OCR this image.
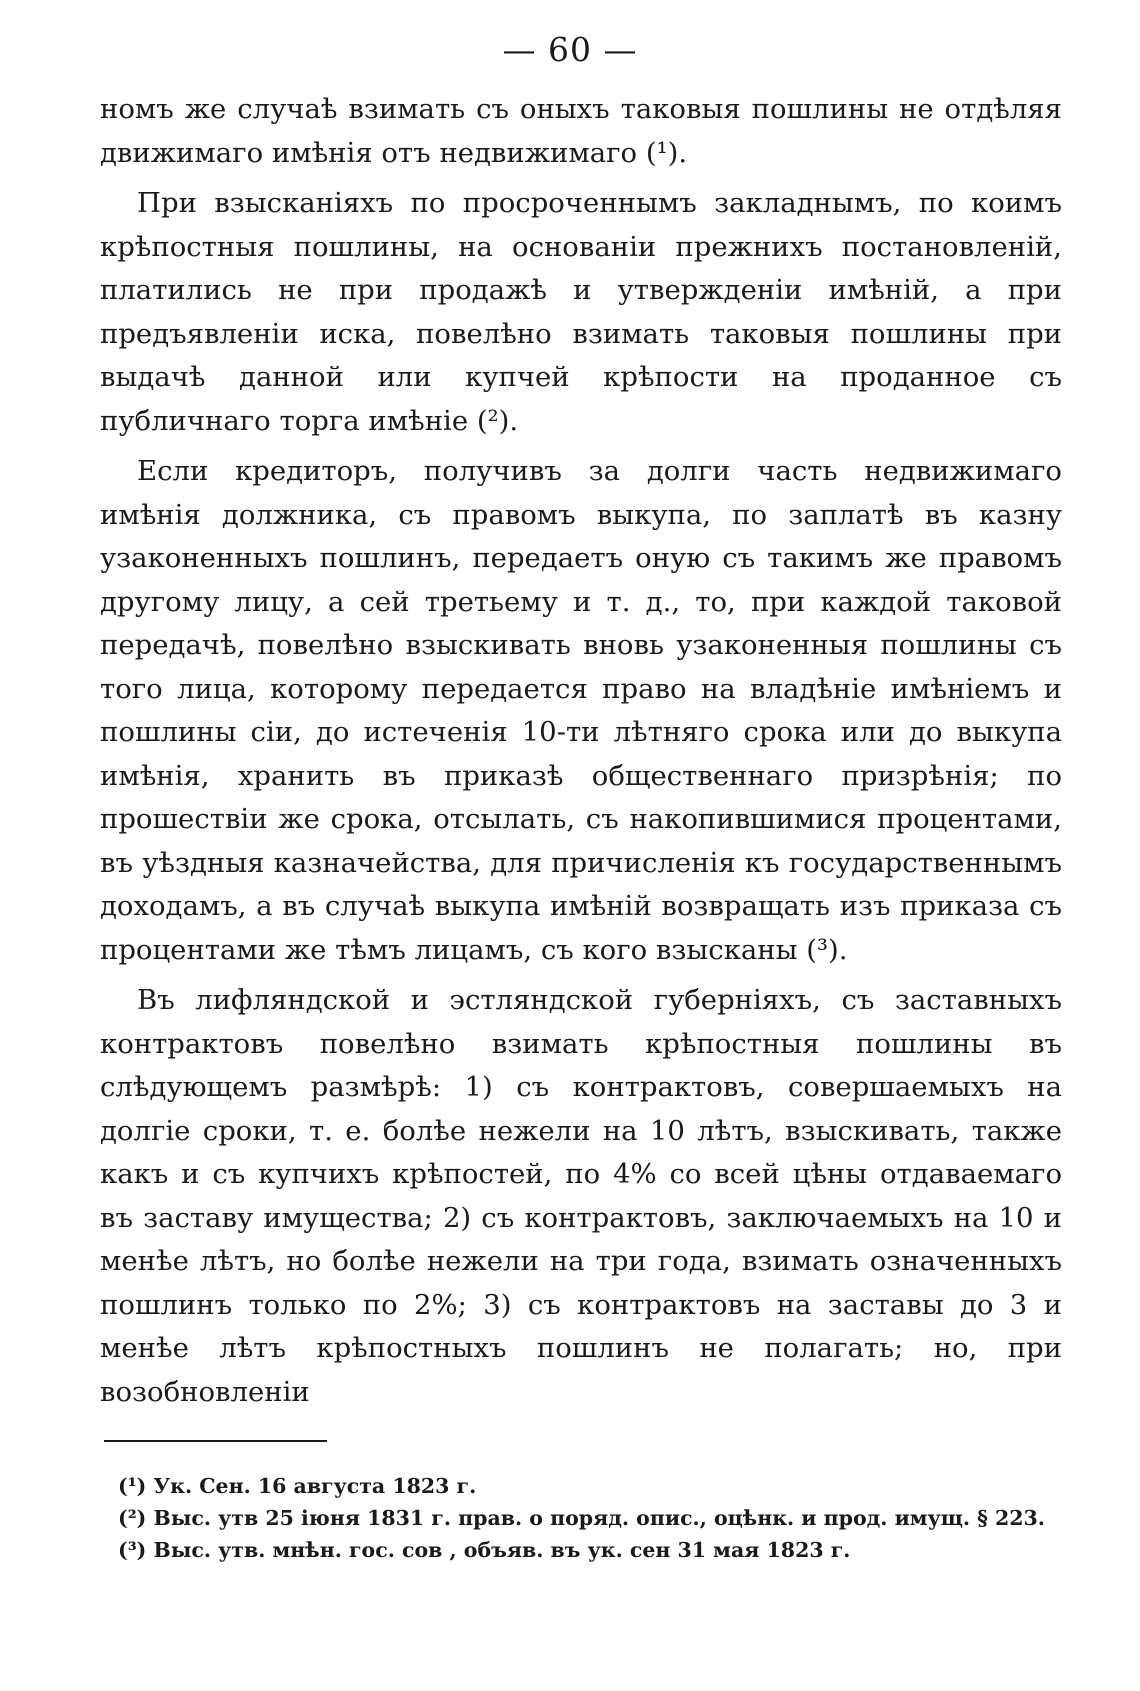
— 60 —

номъ же случаѣ взимать съ оныхъ таковыя пошлины не отдѣляя движимаго имѣнія отъ недвижимаго (¹).

При взысканіяхъ по просроченнымъ закладнымъ, по коимъ крѣпостныя пошлины, на основаніи прежнихъ постановленій, платились не при продажѣ и утвержденіи имѣній, а при предъявленіи иска, повелѣно взимать таковыя пошлины при выдачѣ данной или купчей крѣпости на проданное съ публичнаго торга имѣніе (²).

Если кредиторъ, получивъ за долги часть недвижимаго имѣнія должника, съ правомъ выкупа, по заплатѣ въ казну узаконенныхъ пошлинъ, передаетъ оную съ такимъ же правомъ другому лицу, а сей третьему и т. д., то, при каждой таковой передачѣ, повелѣно взыскивать вновь узаконенныя пошлины съ того лица, которому передается право на владѣніе имѣніемъ и пошлины сіи, до истеченія 10-ти лѣтняго срока или до выкупа имѣнія, хранить въ приказѣ общественнаго призрѣнія; по прошествіи же срока, отсылать, съ накопившимися процентами, въ уѣздныя казначейства, для причисленія къ государственнымъ доходамъ, а въ случаѣ выкупа имѣній возвращать изъ приказа съ процентами же тѣмъ лицамъ, съ кого взысканы (³).

Въ лифляндской и эстляндской губерніяхъ, съ заставныхъ контрактовъ повелѣно взимать крѣпостныя пошлины въ слѣдующемъ размѣрѣ: 1) съ контрактовъ, совершаемыхъ на долгіе сроки, т. е. болѣе нежели на 10 лѣтъ, взыскивать, также какъ и съ купчихъ крѣпостей, по 4% со всей цѣны отдаваемаго въ заставу имущества; 2) съ контрактовъ, заключаемыхъ на 10 и менѣе лѣтъ, но болѣе нежели на три года, взимать означенныхъ пошлинъ только по 2%; 3) съ контрактовъ на заставы до 3 и менѣе лѣтъ крѣпостныхъ пошлинъ не полагать; но, при возобновленіи

(¹) Ук. Сен. 16 августа 1823 г.
(²) Выс. утв 25 іюня 1831 г. прав. о поряд. опис., оцѣнк. и прод. имущ. § 223.
(³) Выс. утв. мнѣн. гос. сов , объяв. въ ук. сен 31 мая 1823 г.
